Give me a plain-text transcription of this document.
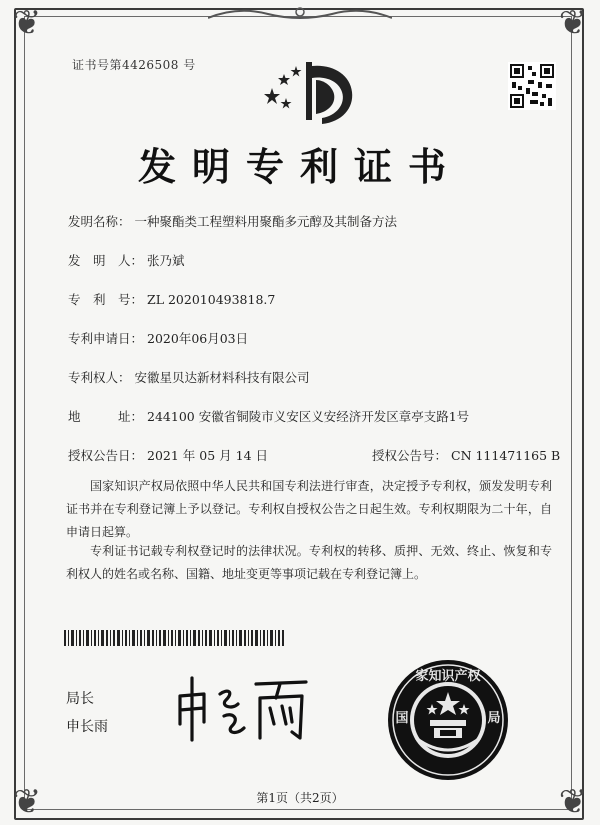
❦	❦
❦	❦
证书号第4426508 号
发明专利证书
发明名称： 一种聚酯类工程塑料用聚酯多元醇及其制备方法
发　明　人： 张乃斌
专　利　号： ZL 202010493818.7
专利申请日： 2020年06月03日
专利权人： 安徽星贝达新材料科技有限公司
地　　　址： 244100 安徽省铜陵市义安区义安经济开发区章亭支路1号
授权公告日： 2021 年 05 月 14 日	授权公告号： CN 111471165 B
国家知识产权局依照中华人民共和国专利法进行审查，决定授予专利权，颁发发明专利证书并在专利登记簿上予以登记。专利权自授权公告之日起生效。专利权期限为二十年，自申请日起算。
专利证书记载专利权登记时的法律状况。专利权的转移、质押、无效、终止、恢复和专利权人的姓名或名称、国籍、地址变更等事项记载在专利登记簿上。
局长
申长雨
家知识产权
国	局
第1页（共2页）
